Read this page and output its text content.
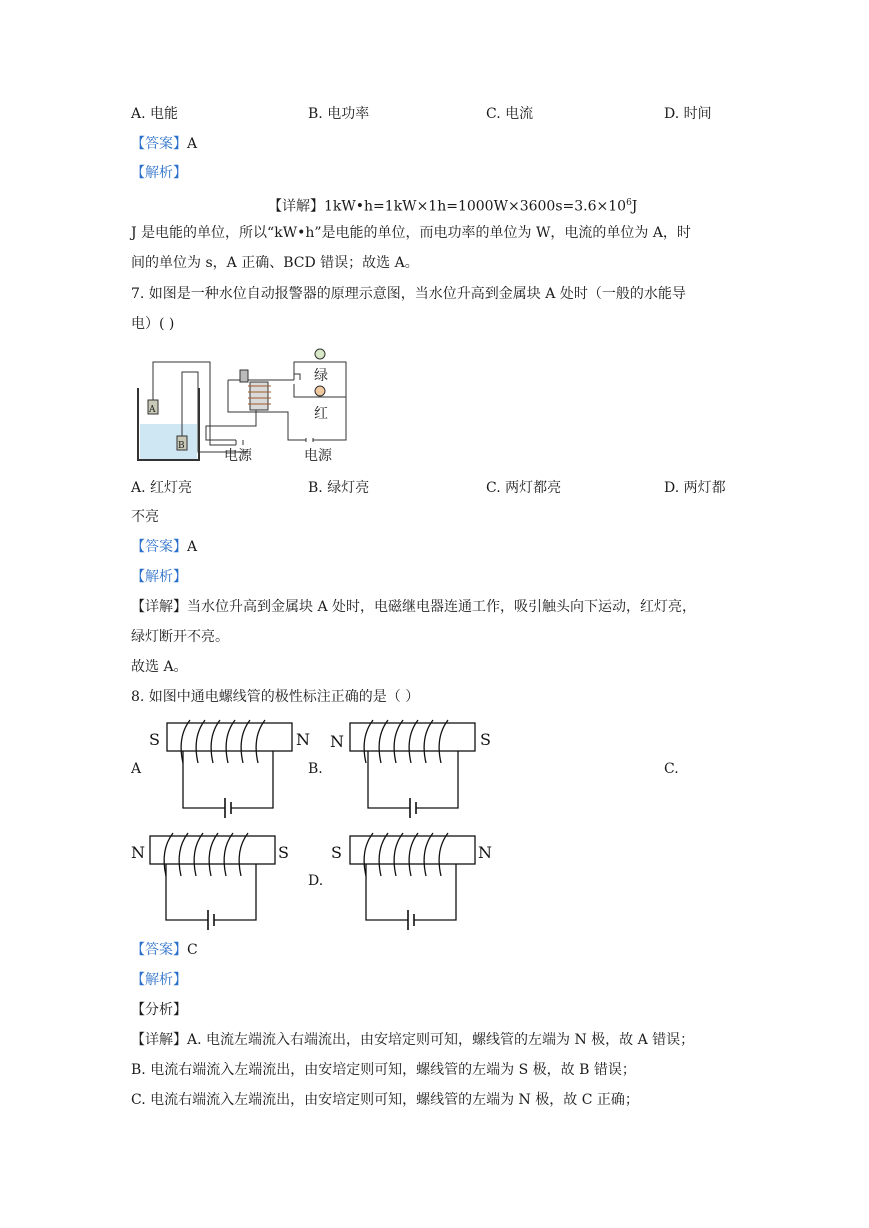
A. 电能	B. 电功率	C. 电流	D. 时间
【答案】A
【解析】
【详解】$1kW•h=1kW\times 1h=1000W\times 3600s=3.6\times 10^6J$
J 是电能的单位，所以“kW•h”是电能的单位，而电功率的单位为 W，电流的单位为 A，时
间的单位为 s，A 正确、BCD 错误；故选 A。
7. 如图是一种水位自动报警器的原理示意图，当水位升高到金属块 A 处时（一般的水能导
电）( )
A
B
绿
红
电源	电源
A. 红灯亮	B. 绿灯亮	C. 两灯都亮	D. 两灯都
不亮
【答案】A
【解析】
【详解】当水位升高到金属块 A 处时，电磁继电器连通工作，吸引触头向下运动，红灯亮，
绿灯断开不亮。
故选 A。
8. 如图中通电螺线管的极性标注正确的是（ ）
S	N
A
N	S
B.	C.
N	S	S	N
D.
【答案】C
【解析】
【分析】
【详解】A. 电流左端流入右端流出，由安培定则可知，螺线管的左端为 N 极，故 A 错误；
B. 电流右端流入左端流出，由安培定则可知，螺线管的左端为 S 极，故 B 错误；
C. 电流右端流入左端流出，由安培定则可知，螺线管的左端为 N 极，故 C 正确；
